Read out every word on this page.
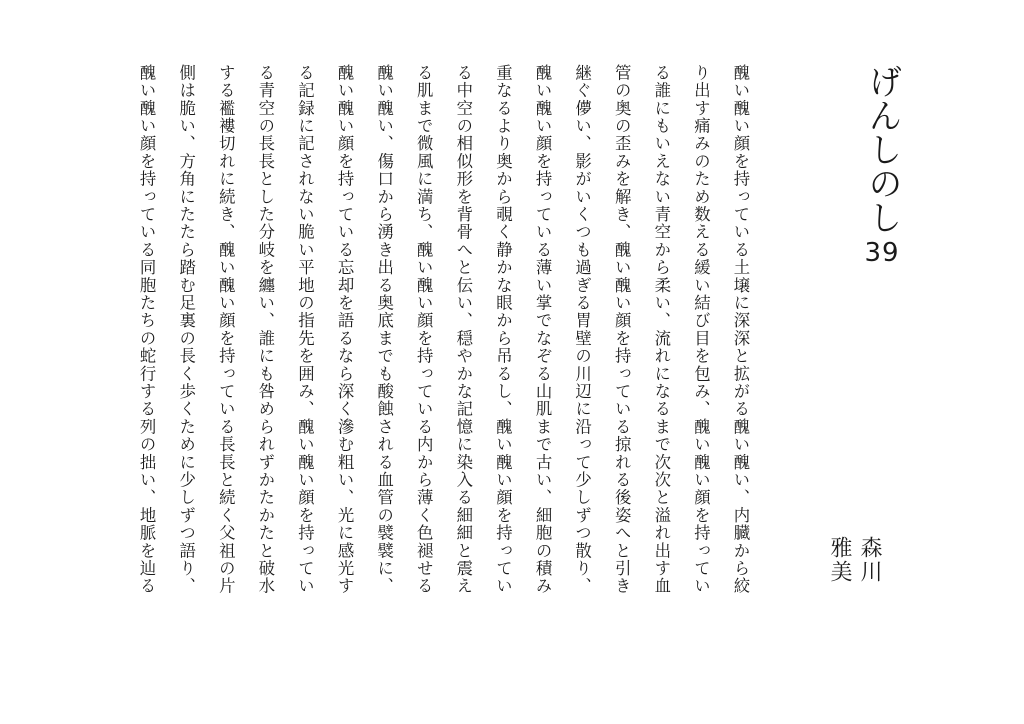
げんしのし
39
森川
雅美
醜い醜い顔を持っている土壌に深深と拡がる醜い醜い、内臓から絞
り出す痛みのため数える緩い結び目を包み、醜い醜い顔を持ってい
る誰にもいえない青空から柔い、流れになるまで次次と溢れ出す血
管の奥の歪みを解き、醜い醜い顔を持っている掠れる後姿へと引き
継ぐ儚い、影がいくつも過ぎる胃壁の川辺に沿って少しずつ散り、
醜い醜い顔を持っている薄い掌でなぞる山肌まで古い、細胞の積み
重なるより奥から覗く静かな眼から吊るし、醜い醜い顔を持ってい
る中空の相似形を背骨へと伝い、穏やかな記憶に染入る細細と震え
る肌まで微風に満ち、醜い醜い顔を持っている内から薄く色褪せる
醜い醜い、傷口から湧き出る奥底までも酸蝕される血管の襞襞に、
醜い醜い顔を持っている忘却を語るなら深く滲む粗い、光に感光す
る記録に記されない脆い平地の指先を囲み、醜い醜い顔を持ってい
る青空の長長とした分岐を纏い、誰にも咎められずかたかたと破水
する襤褸切れに続き、醜い醜い顔を持っている長長と続く父祖の片
側は脆い、方角にたたら踏む足裏の長く歩くために少しずつ語り、
醜い醜い顔を持っている同胞たちの蛇行する列の拙い、地脈を辿る
